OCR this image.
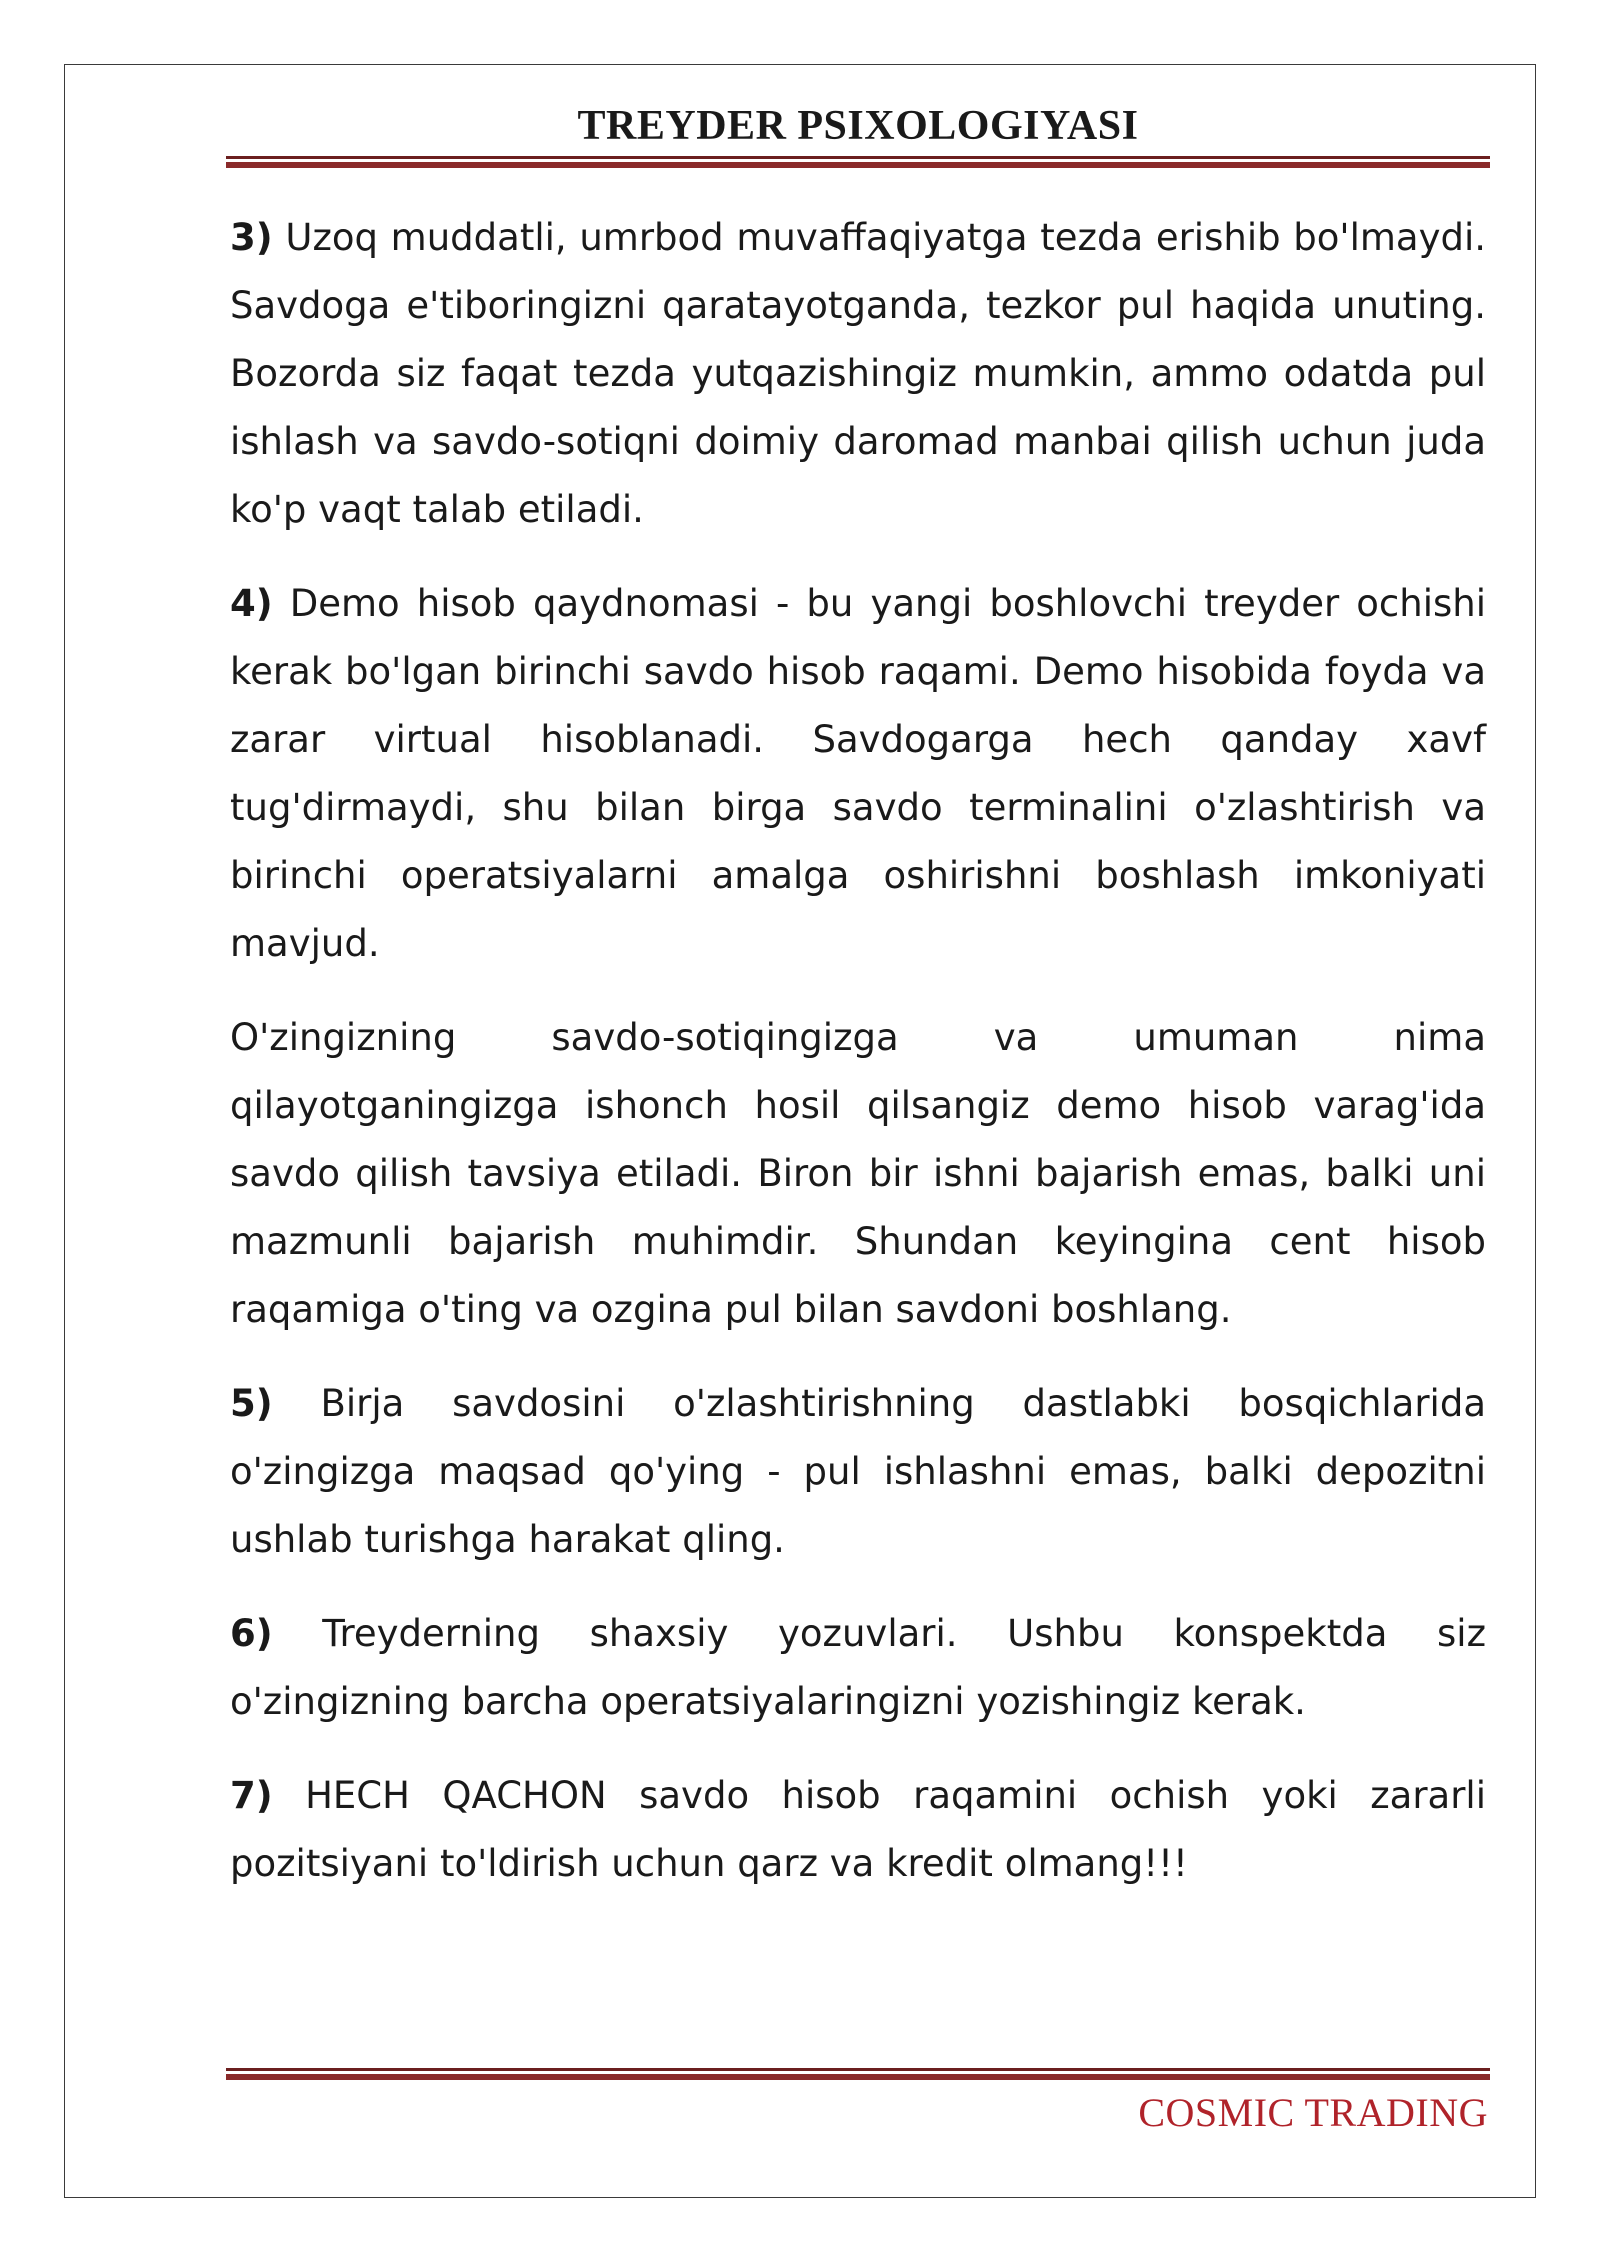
TREYDER PSIXOLOGIYASI

3) Uzoq muddatli, umrbod muvaffaqiyatga tezda erishib bo'lmaydi. Savdoga e'tiboringizni qaratayotganda, tezkor pul haqida unuting. Bozorda siz faqat tezda yutqazishingiz mumkin, ammo odatda pul ishlash va savdo-sotiqni doimiy daromad manbai qilish uchun juda ko'p vaqt talab etiladi.

4) Demo hisob qaydnomasi - bu yangi boshlovchi treyder ochishi kerak bo'lgan birinchi savdo hisob raqami. Demo hisobida foyda va zarar virtual hisoblanadi. Savdogarga hech qanday xavf tug'dirmaydi, shu bilan birga savdo terminalini o'zlashtirish va birinchi operatsiyalarni amalga oshirishni boshlash imkoniyati mavjud.

O'zingizning savdo-sotiqingizga va umuman nima qilayotganingizga ishonch hosil qilsangiz demo hisob varag'ida savdo qilish tavsiya etiladi. Biron bir ishni bajarish emas, balki uni mazmunli bajarish muhimdir. Shundan keyingina cent hisob raqamiga o'ting va ozgina pul bilan savdoni boshlang.

5) Birja savdosini o'zlashtirishning dastlabki bosqichlarida o'zingizga maqsad qo'ying - pul ishlashni emas, balki depozitni ushlab turishga harakat qling.

6) Treyderning shaxsiy yozuvlari. Ushbu konspektda siz o'zingizning barcha operatsiyalaringizni yozishingiz kerak.

7) HECH QACHON savdo hisob raqamini ochish yoki zararli pozitsiyani to'ldirish uchun qarz va kredit olmang!!!

COSMIC TRADING
